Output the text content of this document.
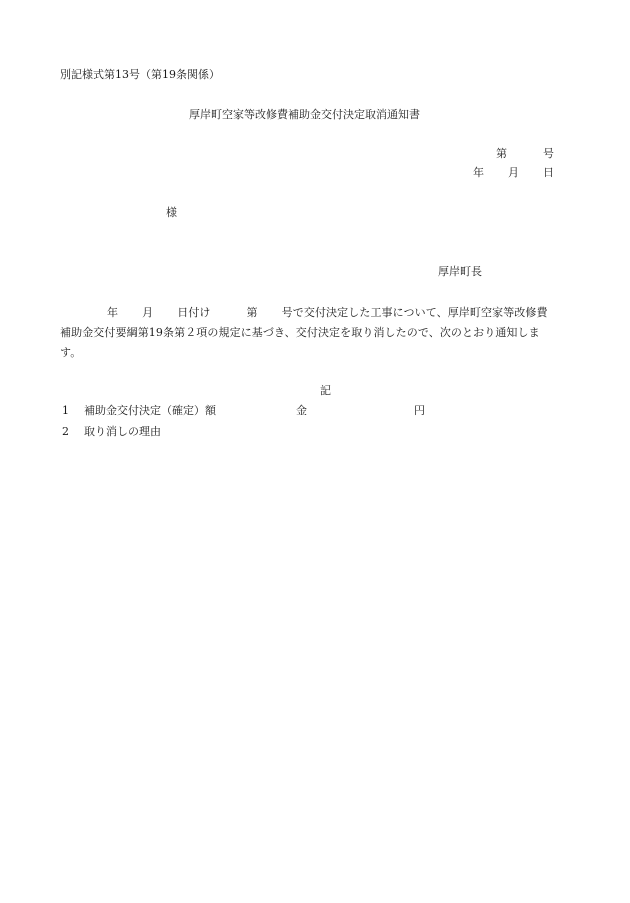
別記様式第13号（第19条関係）
厚岸町空家等改修費補助金交付決定取消通知書
第	号
年 月 日
様
厚岸町長
年 月 日付け	第 号で交付決定した工事について、厚岸町空家等改修費
補助金交付要綱第19条第２項の規定に基づき、交付決定を取り消したので、次のとおり通知しま
す。
記
1 補助金交付決定（確定）額	金	円
2 取り消しの理由
